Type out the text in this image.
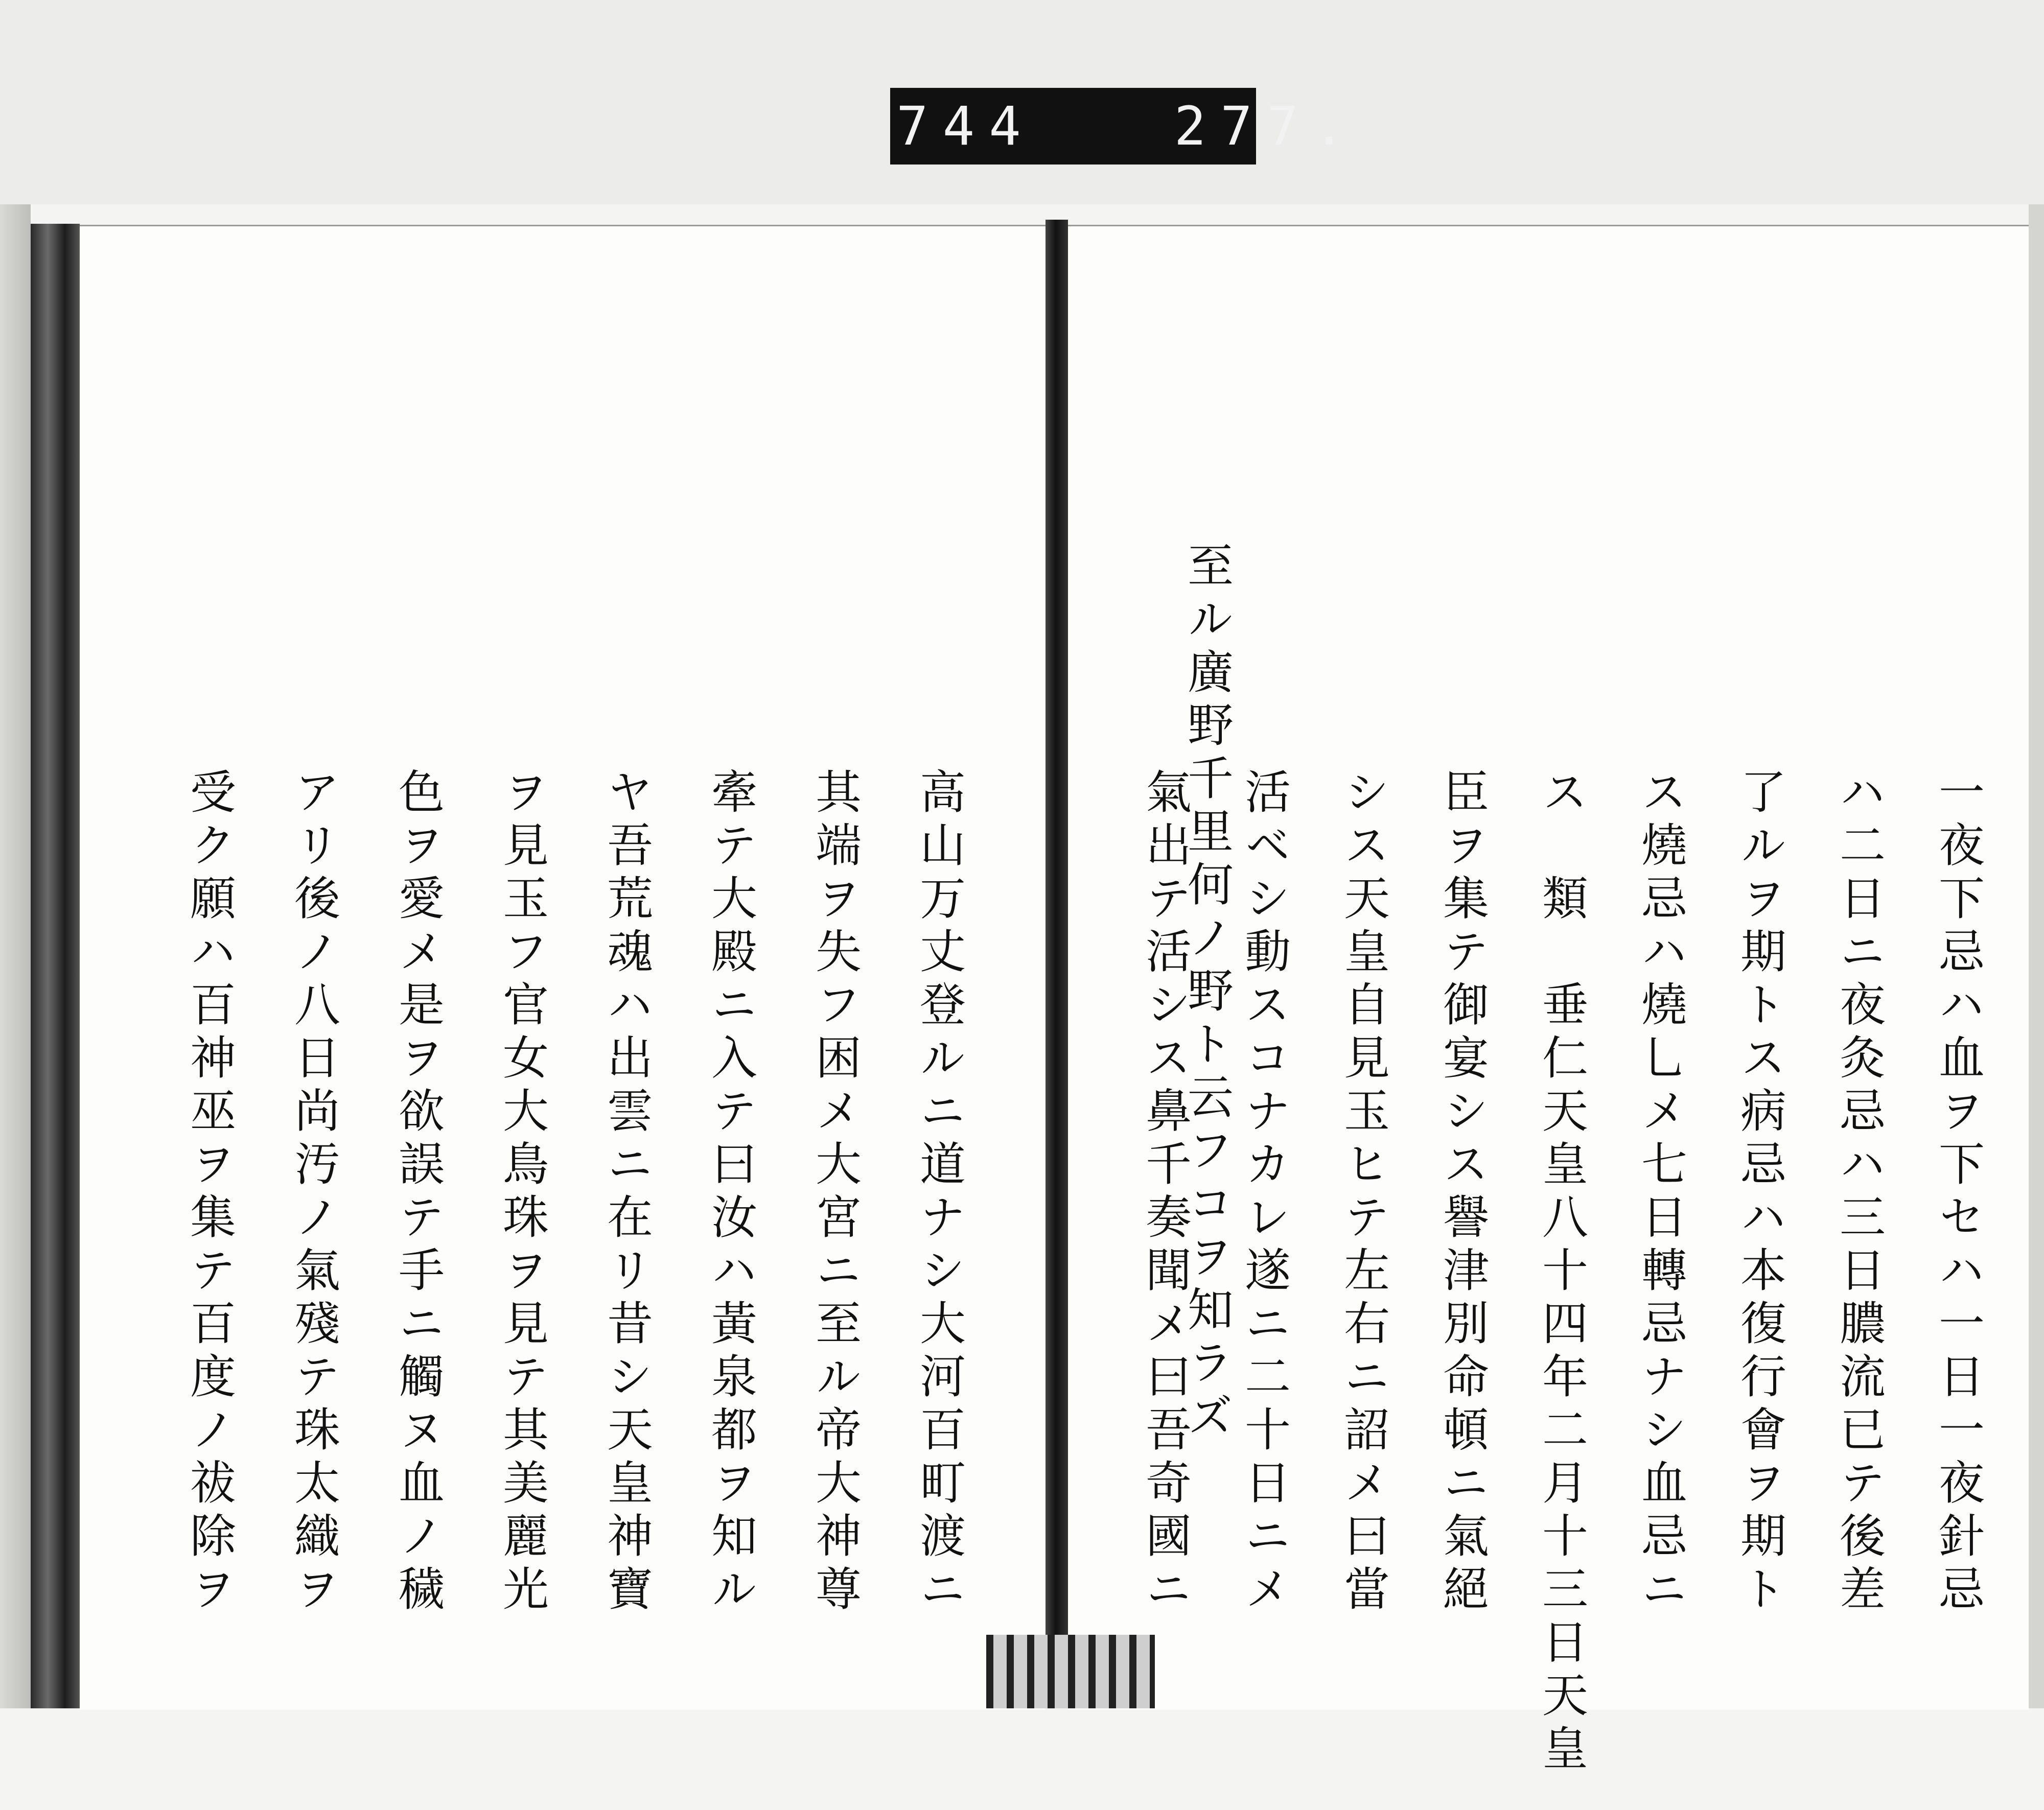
744   277.
高山万丈登ルニ道ナシ大河百町渡ニ
其端ヲ失フ困メ大宮ニ至ル帝大神尊
牽テ大殿ニ入テ曰汝ハ黃泉都ヲ知ル
ヤ吾荒魂ハ出雲ニ在リ昔シ天皇神寶
ヲ見玉フ官女大鳥珠ヲ見テ其美麗光
色ヲ愛メ是ヲ欲誤テ手ニ觸ヌ血ノ穢
アリ後ノ八日尚汚ノ氣殘テ珠太織ヲ
受ク願ハ百神巫ヲ集テ百度ノ祓除ヲ	一夜下忌ハ血ヲ下セハ一日一夜針忌
ハ二日ニ夜灸忌ハ三日膿流已テ後差
了ルヲ期トス病忌ハ本復行會ヲ期ト
ス燒忌ハ燒乚メ七日轉忌ナシ血忌ニ
ス　類　垂仁天皇八十四年二月十三日天皇
臣ヲ集テ御宴シス譽津別命頓ニ氣絕
シス天皇自見玉ヒテ左右ニ詔メ曰當
活ベシ動スコナカレ遂ニ二十日ニメ
氣出テ活シス鼻千奏聞メ曰吾奇國ニ
至ル廣野千里何ノ野ト云フコヲ知ラズ
